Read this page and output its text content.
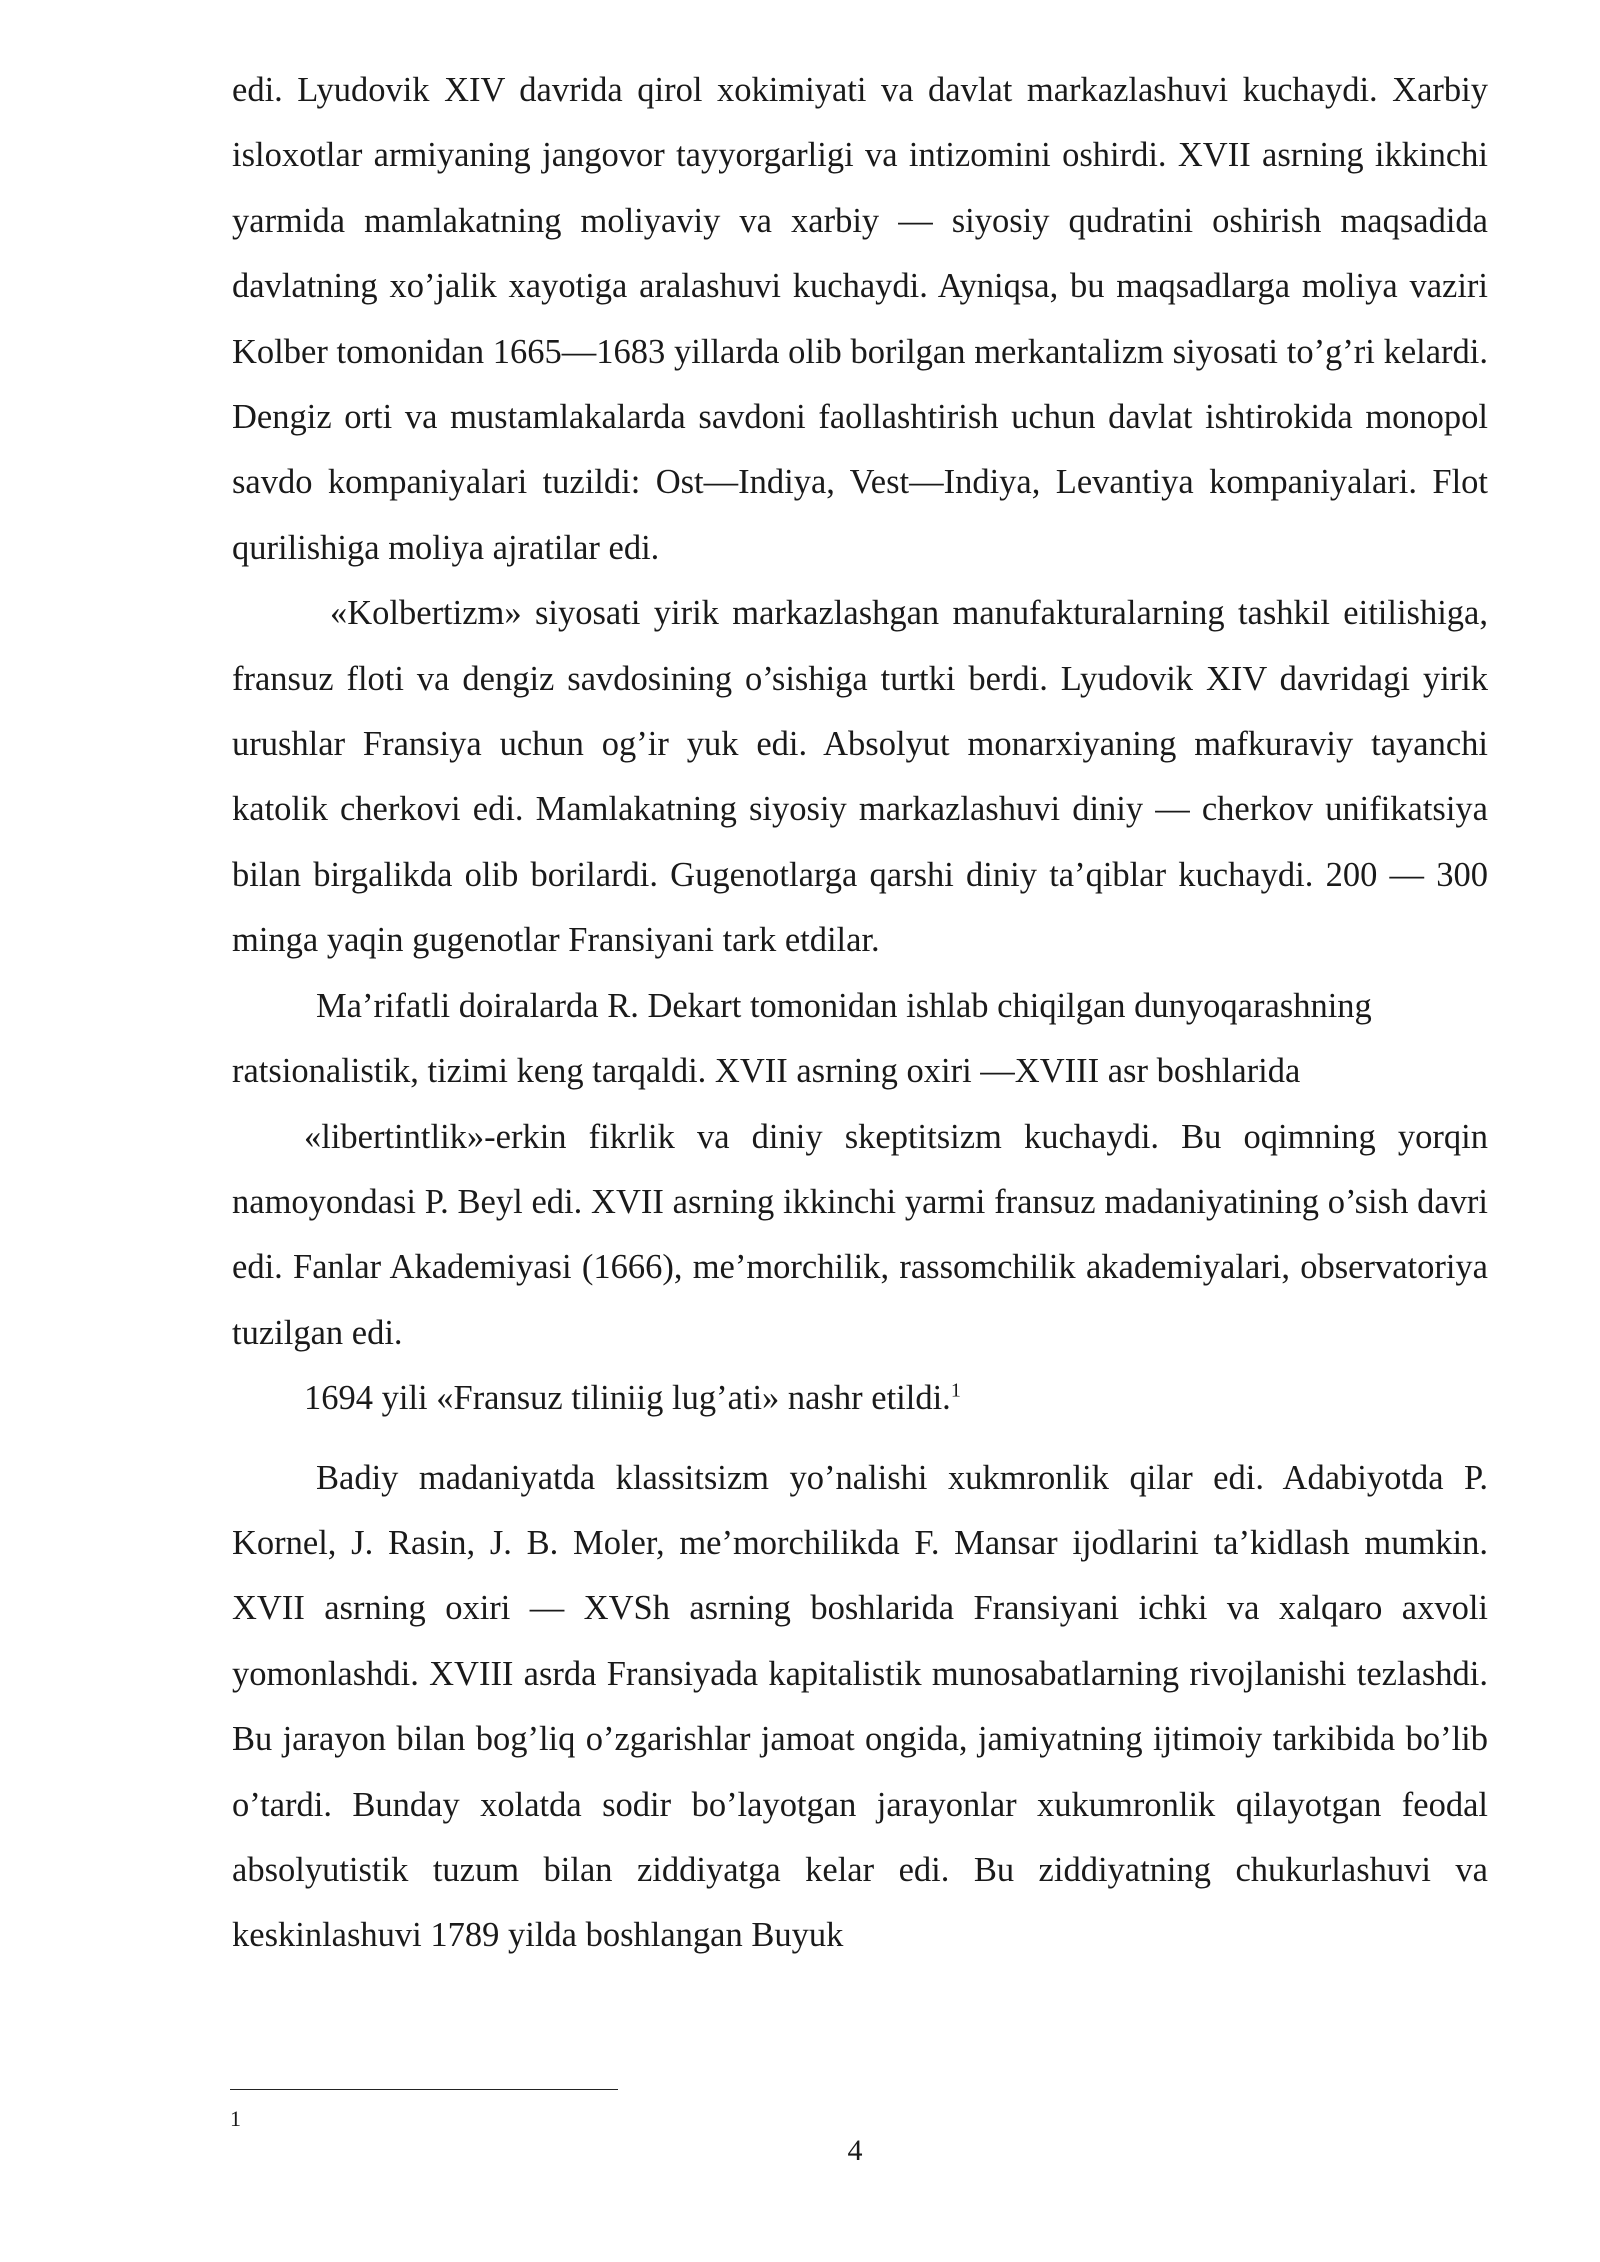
edi. Lyudovik XIV davrida qirol xokimiyati va davlat markazlashuvi kuchaydi. Xarbiy isloxotlar armiyaning jangovor tayyorgarligi va intizomini oshirdi. XVII asrning ikkinchi yarmida mamlakatning moliyaviy va xarbiy — siyosiy qudratini oshirish maqsadida davlatning xo’jalik xayotiga aralashuvi kuchaydi. Ayniqsa, bu maqsadlarga moliya vaziri Kolber tomonidan 1665—1683 yillarda olib borilgan merkantalizm siyosati to’g’ri kelardi. Dengiz orti va mustamlakalarda savdoni faollashtirish uchun davlat ishtirokida monopol savdo kompaniyalari tuzildi: Ost—Indiya, Vest—Indiya, Levantiya kompaniyalari. Flot qurilishiga moliya ajratilar edi.

«Kolbertizm» siyosati yirik markazlashgan manufakturalarning tashkil eitilishiga, fransuz floti va dengiz savdosining o’sishiga turtki berdi. Lyudovik XIV davridagi yirik urushlar Fransiya uchun og’ir yuk edi. Absolyut monarxiyaning mafkuraviy tayanchi katolik cherkovi edi. Mamlakatning siyosiy markazlashuvi diniy — cherkov unifikatsiya bilan birgalikda olib borilardi. Gugenotlarga qarshi diniy ta’qiblar kuchaydi. 200 — 300 minga yaqin gugenotlar Fransiyani tark etdilar.

Ma’rifatli doiralarda R. Dekart tomonidan ishlab chiqilgan dunyoqarashning ratsionalistik, tizimi keng tarqaldi. XVII asrning oxiri —XVIII asr boshlarida

«libertintlik»-erkin fikrlik va diniy skeptitsizm kuchaydi. Bu oqimning yorqin namoyondasi P. Beyl edi. XVII asrning ikkinchi yarmi fransuz madaniyatining o’sish davri edi. Fanlar Akademiyasi (1666), me’morchilik, rassomchilik akademiyalari, observatoriya tuzilgan edi.

1694 yili «Fransuz tiliniig lug’ati» nashr etildi.$^1$

Badiy madaniyatda klassitsizm yo’nalishi xukmronlik qilar edi. Adabiyotda P. Kornel, J. Rasin, J. B. Moler, me’morchilikda F. Mansar ijodlarini ta’kidlash mumkin. XVII asrning oxiri — XVSh asrning boshlarida Fransiyani ichki va xalqaro axvoli yomonlashdi. XVIII asrda Fransiyada kapitalistik munosabatlarning rivojlanishi tezlashdi. Bu jarayon bilan bog’liq o’zgarishlar jamoat ongida, jamiyatning ijtimoiy tarkibida bo’lib o’tardi. Bunday xolatda sodir bo’layotgan jarayonlar xukumronlik qilayotgan feodal absolyutistik tuzum bilan ziddiyatga kelar edi. Bu ziddiyatning chukurlashuvi va keskinlashuvi 1789 yilda boshlangan Buyuk

1
4
